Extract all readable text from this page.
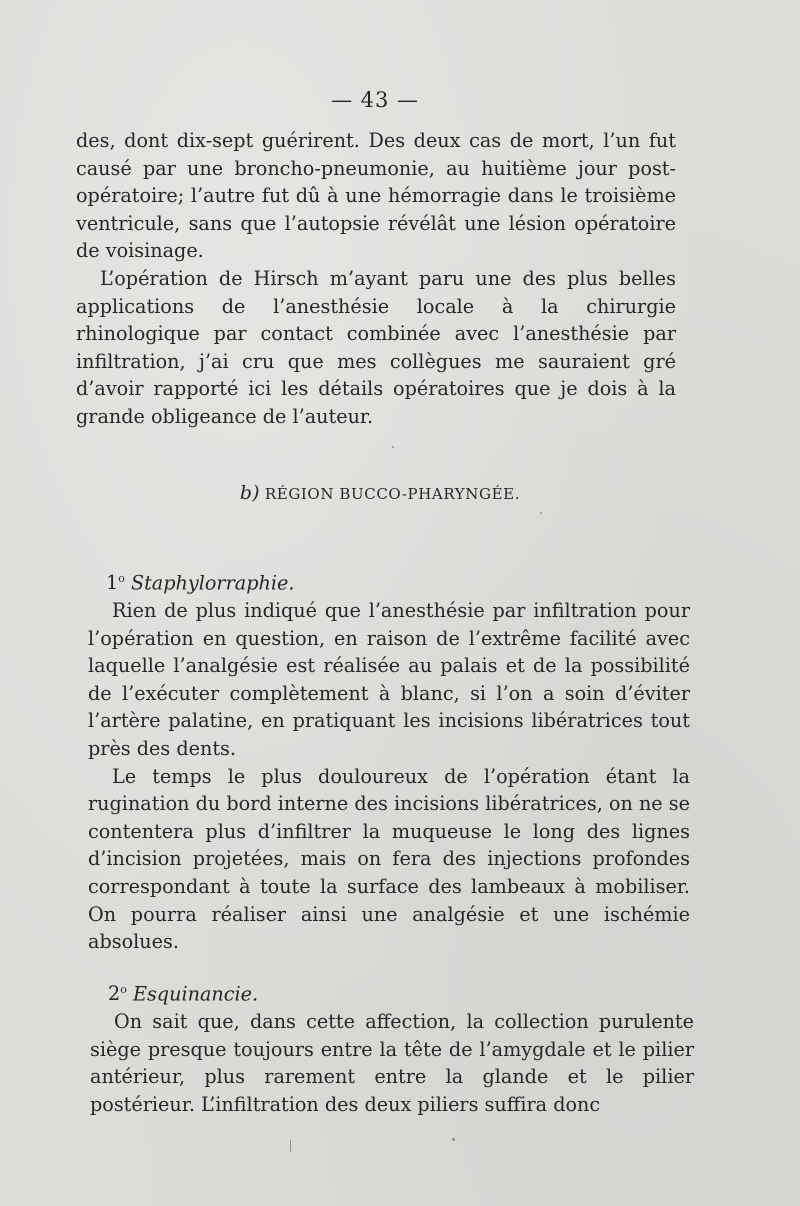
— 43 —

des, dont dix-sept guérirent. Des deux cas de mort, l’un fut causé par une broncho-pneumonie, au huitième jour post-opératoire; l’autre fut dû à une hémorragie dans le troisième ventricule, sans que l’autopsie révélât une lésion opératoire de voisinage.

L’opération de Hirsch m’ayant paru une des plus belles applications de l’anesthésie locale à la chirurgie rhinologique par contact combinée avec l’anesthésie par infiltration, j’ai cru que mes collègues me sauraient gré d’avoir rapporté ici les détails opératoires que je dois à la grande obligeance de l’auteur.

b) RÉGION BUCCO-PHARYNGÉE.
1$^o$ Staphylorraphie.

Rien de plus indiqué que l’anesthésie par infiltration pour l’opération en question, en raison de l’extrême facilité avec laquelle l’analgésie est réalisée au palais et de la possibilité de l’exécuter complètement à blanc, si l’on a soin d’éviter l’artère palatine, en pratiquant les incisions libératrices tout près des dents.

Le temps le plus douloureux de l’opération étant la rugination du bord interne des incisions libératrices, on ne se contentera plus d’infiltrer la muqueuse le long des lignes d’incision projetées, mais on fera des injections profondes correspondant à toute la surface des lambeaux à mobiliser. On pourra réaliser ainsi une analgésie et une ischémie absolues.

2$^o$ Esquinancie.

On sait que, dans cette affection, la collection purulente siège presque toujours entre la tête de l’amygdale et le pilier antérieur, plus rarement entre la glande et le pilier postérieur. L’infiltration des deux piliers suffira donc
